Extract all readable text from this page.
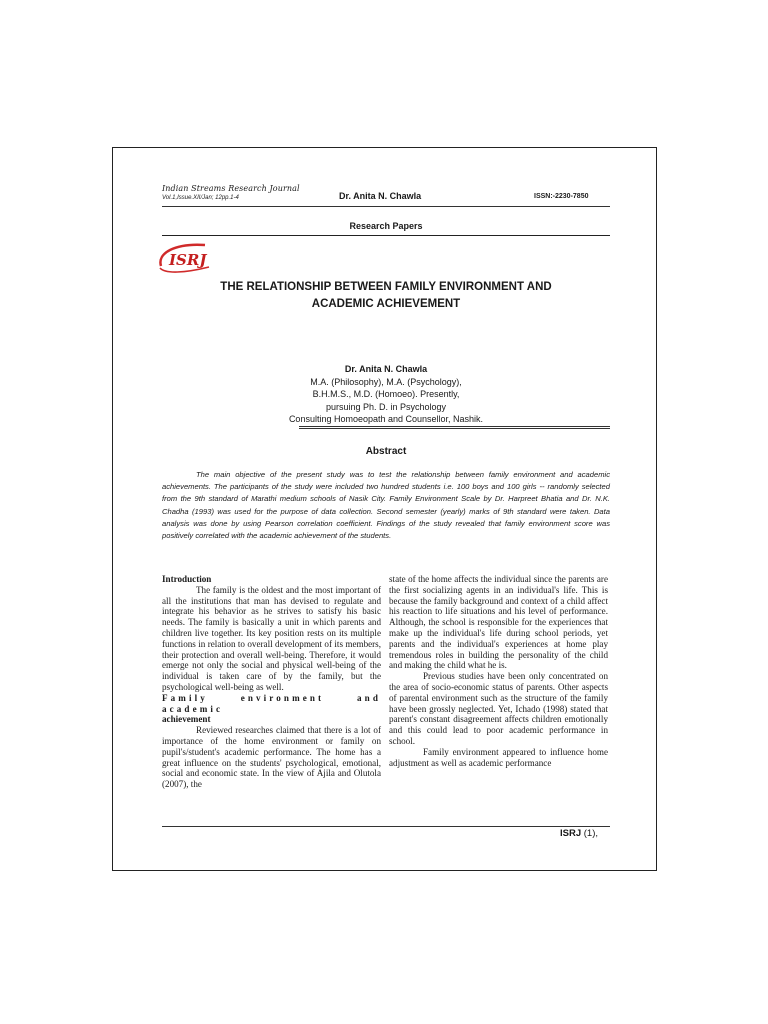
Indian Streams Research Journal
Vol.1,Issue.XII/Jan; 12pp.1-4	Dr. Anita N. Chawla	ISSN:-2230-7850
Research Papers
ISRJ
THE RELATIONSHIP BETWEEN FAMILY ENVIRONMENT AND
ACADEMIC ACHIEVEMENT
Dr. Anita N. Chawla
M.A. (Philosophy), M.A. (Psychology),
B.H.M.S., M.D. (Homoeo). Presently,
pursuing Ph. D. in Psychology
Consulting Homoeopath and Counsellor, Nashik.
Abstract
The main objective of the present study was to test the relationship between family environment and academic achievements. The participants of the study were included two hundred students i.e. 100 boys and 100 girls -- randomly selected from the 9th standard of Marathi medium schools of Nasik City. Family Environment Scale by Dr. Harpreet Bhatia and Dr. N.K. Chadha (1993) was used for the purpose of data collection. Second semester (yearly) marks of 9th standard were taken. Data analysis was done by using Pearson correlation coefficient. Findings of the study revealed that family environment score was positively correlated with the academic achievement of the students.

Introduction

The family is the oldest and the most important of all the institutions that man has devised to regulate and integrate his behavior as he strives to satisfy his basic needs. The family is basically a unit in which parents and children live together. Its key position rests on its multiple functions in relation to overall development of its members, their protection and overall well-being. Therefore, it would emerge not only the social and physical well-being of the individual is taken care of by the family, but the psychological well-being as well.

Family environment and academic

achievement

Reviewed researches claimed that there is a lot of importance of the home environment or family on pupil's/student's academic performance. The home has a great influence on the students' psychological, emotional, social and economic state. In the view of Ajila and Olutola (2007), the

state of the home affects the individual since the parents are the first socializing agents in an individual's life. This is because the family background and context of a child affect his reaction to life situations and his level of performance. Although, the school is responsible for the experiences that make up the individual's life during school periods, yet parents and the individual's experiences at home play tremendous roles in building the personality of the child and making the child what he is.

Previous studies have been only concentrated on the area of socio-economic status of parents. Other aspects of parental environment such as the structure of the family have been grossly neglected. Yet, Ichado (1998) stated that parent's constant disagreement affects children emotionally and this could lead to poor academic performance in school.

Family environment appeared to influence home adjustment as well as academic performance

ISRJ (1),
